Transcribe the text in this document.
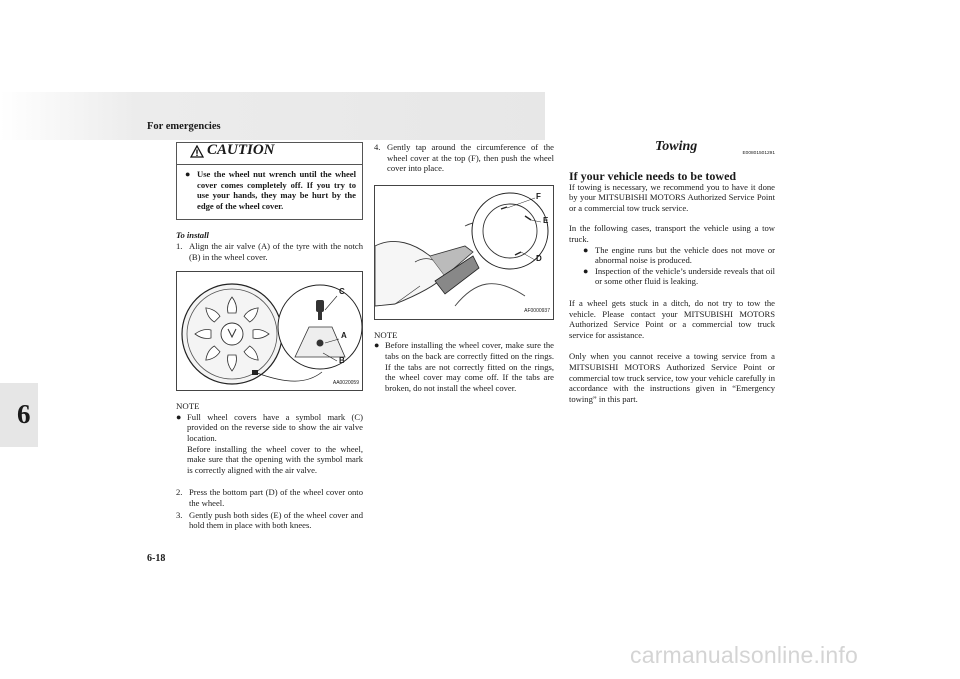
For emergencies
6
CAUTION
● Use the wheel nut wrench until the wheel cover comes completely off. If you try to use your hands, they may be hurt by the edge of the wheel cover.
To install
1. Align the air valve (A) of the tyre with the notch (B) in the wheel cover.
C
A
B
AA0020059
NOTE
● Full wheel covers have a symbol mark (C) provided on the reverse side to show the air valve location.
Before installing the wheel cover to the wheel, make sure that the opening with the symbol mark is correctly aligned with the air valve.
2. Press the bottom part (D) of the wheel cover onto the wheel.
3. Gently push both sides (E) of the wheel cover and hold them in place with both knees.
4. Gently tap around the circumference of the wheel cover at the top (F), then push the wheel cover into place.
F
E
D
AF0000937
NOTE
● Before installing the wheel cover, make sure the tabs on the back are correctly fitted on the rings. If the tabs are not correctly fitted on the rings, the wheel cover may come off. If the tabs are broken, do not install the wheel cover.
Towing	E00801501291
If your vehicle needs to be towed

If towing is necessary, we recommend you to have it done by your MITSUBISHI MOTORS Authorized Service Point or a commercial tow truck service.

In the following cases, transport the vehicle using a tow truck.

● The engine runs but the vehicle does not move or abnormal noise is produced.
● Inspection of the vehicle’s underside reveals that oil or some other fluid is leaking.

If a wheel gets stuck in a ditch, do not try to tow the vehicle. Please contact your MITSUBISHI MOTORS Authorized Service Point or a commercial tow truck service for assistance.

Only when you cannot receive a towing service from a MITSUBISHI MOTORS Authorized Service Point or commercial tow truck service, tow your vehicle carefully in accordance with the instructions given in “Emergency towing” in this part.

6-18
carmanualsonline.info
